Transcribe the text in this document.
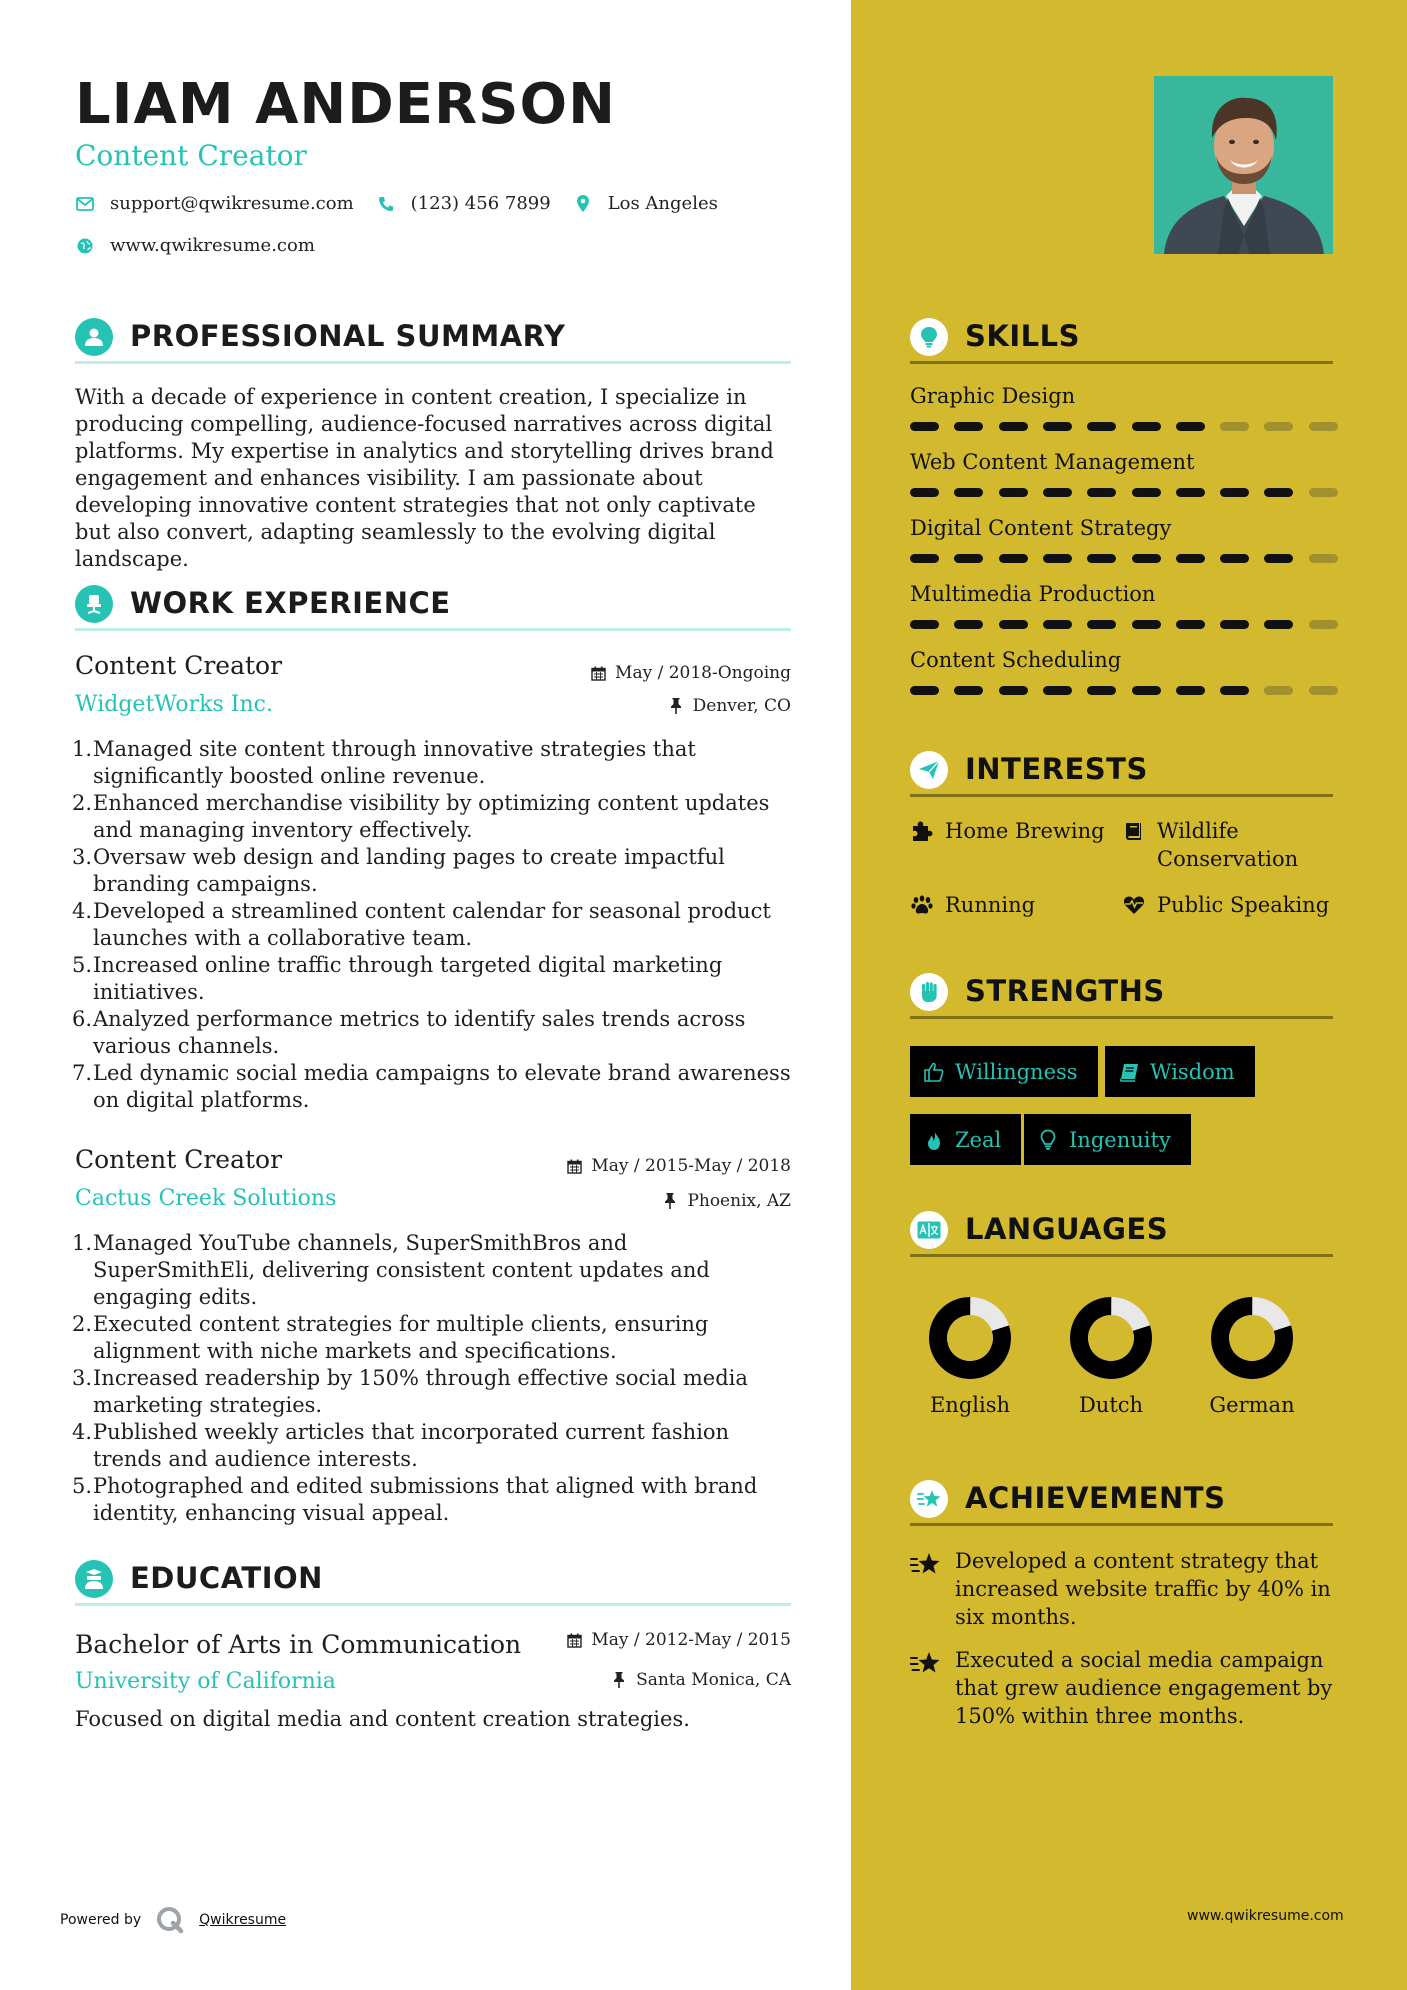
LIAM ANDERSON
Content Creator
support@qwikresume.com	(123) 456 7899	Los Angeles
www.qwikresume.com
PROFESSIONAL SUMMARY
With a decade of experience in content creation, I specialize in producing compelling, audience-focused narratives across digital platforms. My expertise in analytics and storytelling drives brand engagement and enhances visibility. I am passionate about developing innovative content strategies that not only captivate but also convert, adapting seamlessly to the evolving digital landscape.
WORK EXPERIENCE
Content Creator
WidgetWorks Inc.
May / 2018-Ongoing
Denver, CO
1. Managed site content through innovative strategies that significantly boosted online revenue.
2. Enhanced merchandise visibility by optimizing content updates and managing inventory effectively.
3. Oversaw web design and landing pages to create impactful branding campaigns.
4. Developed a streamlined content calendar for seasonal product launches with a collaborative team.
5. Increased online traffic through targeted digital marketing initiatives.
6. Analyzed performance metrics to identify sales trends across various channels.
7. Led dynamic social media campaigns to elevate brand awareness on digital platforms.
Content Creator
Cactus Creek Solutions
May / 2015-May / 2018
Phoenix, AZ
1. Managed YouTube channels, SuperSmithBros and SuperSmithEli, delivering consistent content updates and engaging edits.
2. Executed content strategies for multiple clients, ensuring alignment with niche markets and specifications.
3. Increased readership by 150% through effective social media marketing strategies.
4. Published weekly articles that incorporated current fashion trends and audience interests.
5. Photographed and edited submissions that aligned with brand identity, enhancing visual appeal.
EDUCATION
Bachelor of Arts in Communication
University of California
May / 2012-May / 2015
Santa Monica, CA
Focused on digital media and content creation strategies.
Powered by	Qwikresume
SKILLS
Graphic Design
Web Content Management
Digital Content Strategy
Multimedia Production
Content Scheduling
INTERESTS
Home Brewing Wildlife Conservation
Running	Public Speaking
STRENGTHS
Willingness	Wisdom
Zeal	Ingenuity
LANGUAGES
English	Dutch	German
ACHIEVEMENTS
Developed a content strategy that increased website traffic by 40% in six months.
Executed a social media campaign that grew audience engagement by 150% within three months.
www.qwikresume.com
